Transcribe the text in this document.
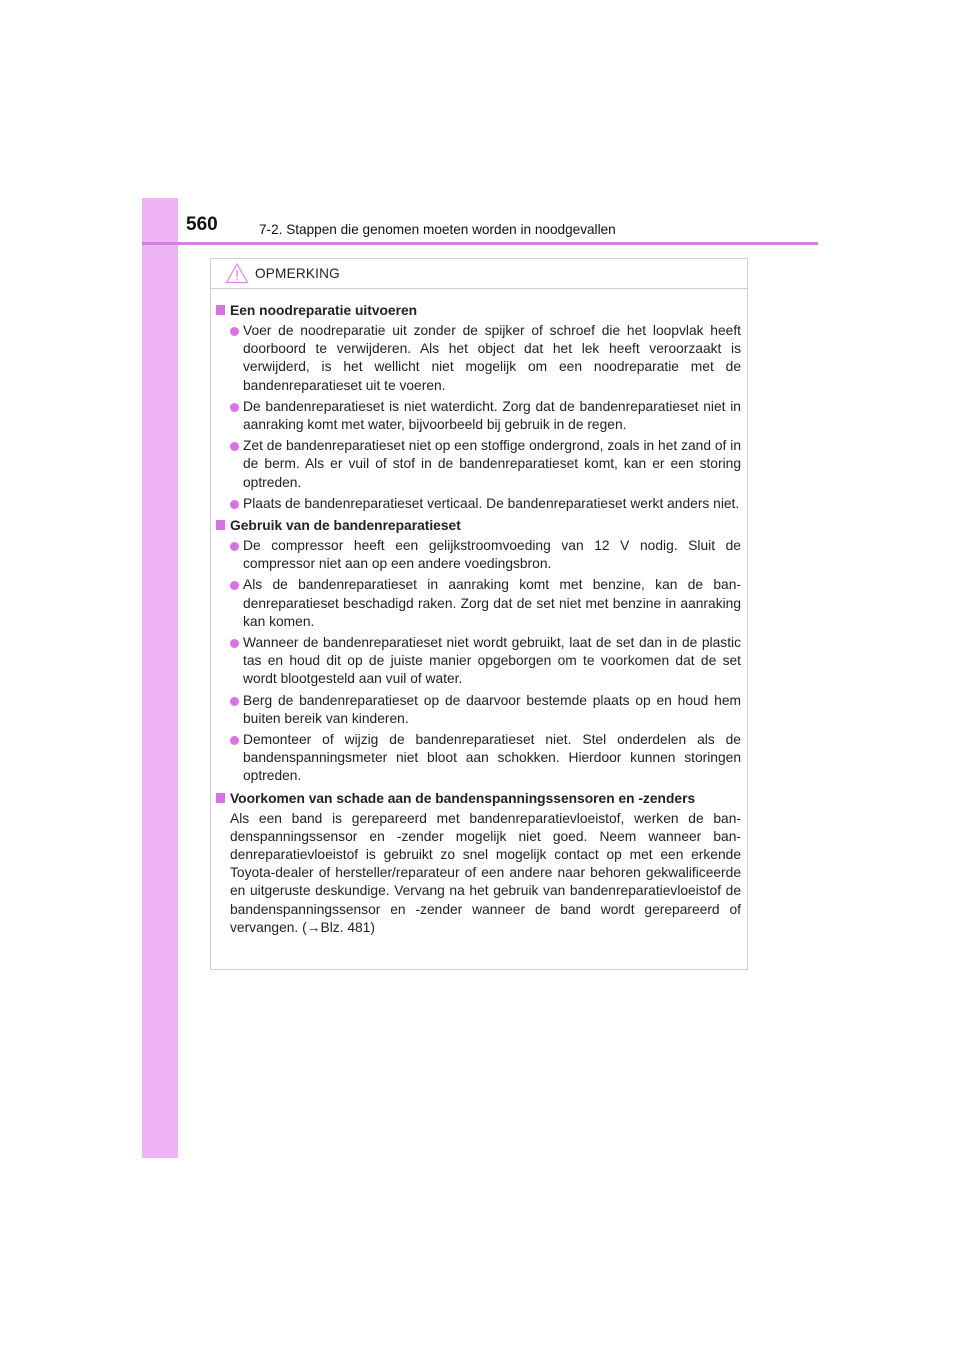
560	7-2. Stappen die genomen moeten worden in noodgevallen
OPMERKING
Een noodreparatie uitvoeren
Voer de noodreparatie uit zonder de spijker of schroef die het loopvlak heeft doorboord te verwijderen. Als het object dat het lek heeft veroorzaakt is verwijderd, is het wellicht niet mogelijk om een noodreparatie met de bandenreparatieset uit te voeren.
De bandenreparatieset is niet waterdicht. Zorg dat de bandenreparatieset niet in aanraking komt met water, bijvoorbeeld bij gebruik in de regen.
Zet de bandenreparatieset niet op een stoffige ondergrond, zoals in het zand of in de berm. Als er vuil of stof in de bandenreparatieset komt, kan er een storing optreden.
Plaats de bandenreparatieset verticaal. De bandenreparatieset werkt anders niet.
Gebruik van de bandenreparatieset
De compressor heeft een gelijkstroomvoeding van 12 V nodig. Sluit de compressor niet aan op een andere voedingsbron.
Als de bandenreparatieset in aanraking komt met benzine, kan de bandenreparatieset beschadigd raken. Zorg dat de set niet met benzine in aanraking kan komen.
Wanneer de bandenreparatieset niet wordt gebruikt, laat de set dan in de plastic tas en houd dit op de juiste manier opgeborgen om te voorkomen dat de set wordt blootgesteld aan vuil of water.
Berg de bandenreparatieset op de daarvoor bestemde plaats op en houd hem buiten bereik van kinderen.
Demonteer of wijzig de bandenreparatieset niet. Stel onderdelen als de bandenspanningsmeter niet bloot aan schokken. Hierdoor kunnen storingen optreden.
Voorkomen van schade aan de bandenspanningssensoren en -zenders
Als een band is gerepareerd met bandenreparatievloeistof, werken de bandenspanningssensor en -zender mogelijk niet goed. Neem wanneer bandenreparatievloeistof is gebruikt zo snel mogelijk contact op met een erkende Toyota-dealer of hersteller/reparateur of een andere naar behoren gekwalificeerde en uitgeruste deskundige. Vervang na het gebruik van bandenreparatievloeistof de bandenspanningssensor en -zender wanneer de band wordt gerepareerd of vervangen. (→Blz. 481)
